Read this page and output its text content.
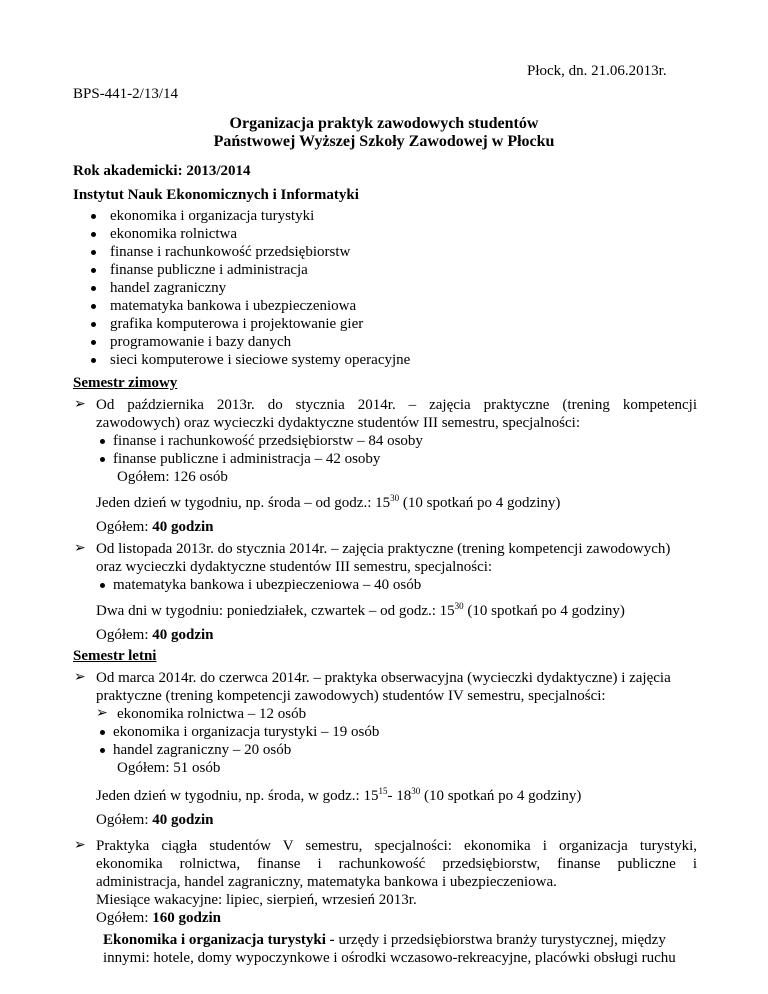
Płock, dn. 21.06.2013r.
BPS-441-2/13/14
Organizacja praktyk zawodowych studentów
Państwowej Wyższej Szkoły Zawodowej w Płocku
Rok akademicki: 2013/2014
Instytut Nauk Ekonomicznych i Informatyki
ekonomika i organizacja turystyki
ekonomika rolnictwa
finanse i rachunkowość przedsiębiorstw
finanse publiczne i administracja
handel zagraniczny
matematyka bankowa i ubezpieczeniowa
grafika komputerowa i projektowanie gier
programowanie i bazy danych
sieci komputerowe i sieciowe systemy operacyjne
Semestr zimowy
➢ Od października 2013r. do stycznia 2014r. – zajęcia praktyczne (trening kompetencji
zawodowych) oraz wycieczki dydaktyczne studentów III semestru, specjalności:
finanse i rachunkowość przedsiębiorstw – 84 osoby
finanse publiczne i administracja – 42 osoby
Ogółem: 126 osób
Jeden dzień w tygodniu, np. środa – od godz.: $15^{30}$ (10 spotkań po 4 godziny)
Ogółem: 40 godzin
➢ Od listopada 2013r. do stycznia 2014r. – zajęcia praktyczne (trening kompetencji zawodowych)
oraz wycieczki dydaktyczne studentów III semestru, specjalności:
matematyka bankowa i ubezpieczeniowa – 40 osób
Dwa dni w tygodniu: poniedziałek, czwartek – od godz.: $15^{30}$ (10 spotkań po 4 godziny)
Ogółem: 40 godzin
Semestr letni
➢ Od marca 2014r. do czerwca 2014r. – praktyka obserwacyjna (wycieczki dydaktyczne) i zajęcia
praktyczne (trening kompetencji zawodowych) studentów IV semestru, specjalności:
➢ ekonomika rolnictwa – 12 osób
ekonomika i organizacja turystyki – 19 osób
handel zagraniczny – 20 osób
Ogółem: 51 osób
Jeden dzień w tygodniu, np. środa, w godz.: $15^{15}-$ $18^{30}$ (10 spotkań po 4 godziny)
Ogółem: 40 godzin
➢ Praktyka ciągła studentów V semestru, specjalności: ekonomika i organizacja turystyki,
ekonomika rolnictwa, finanse i rachunkowość przedsiębiorstw, finanse publiczne i
administracja, handel zagraniczny, matematyka bankowa i ubezpieczeniowa.
Miesiące wakacyjne: lipiec, sierpień, wrzesień 2013r.
Ogółem: 160 godzin
Ekonomika i organizacja turystyki - urzędy i przedsiębiorstwa branży turystycznej, między
innymi: hotele, domy wypoczynkowe i ośrodki wczasowo-rekreacyjne, placówki obsługi ruchu
